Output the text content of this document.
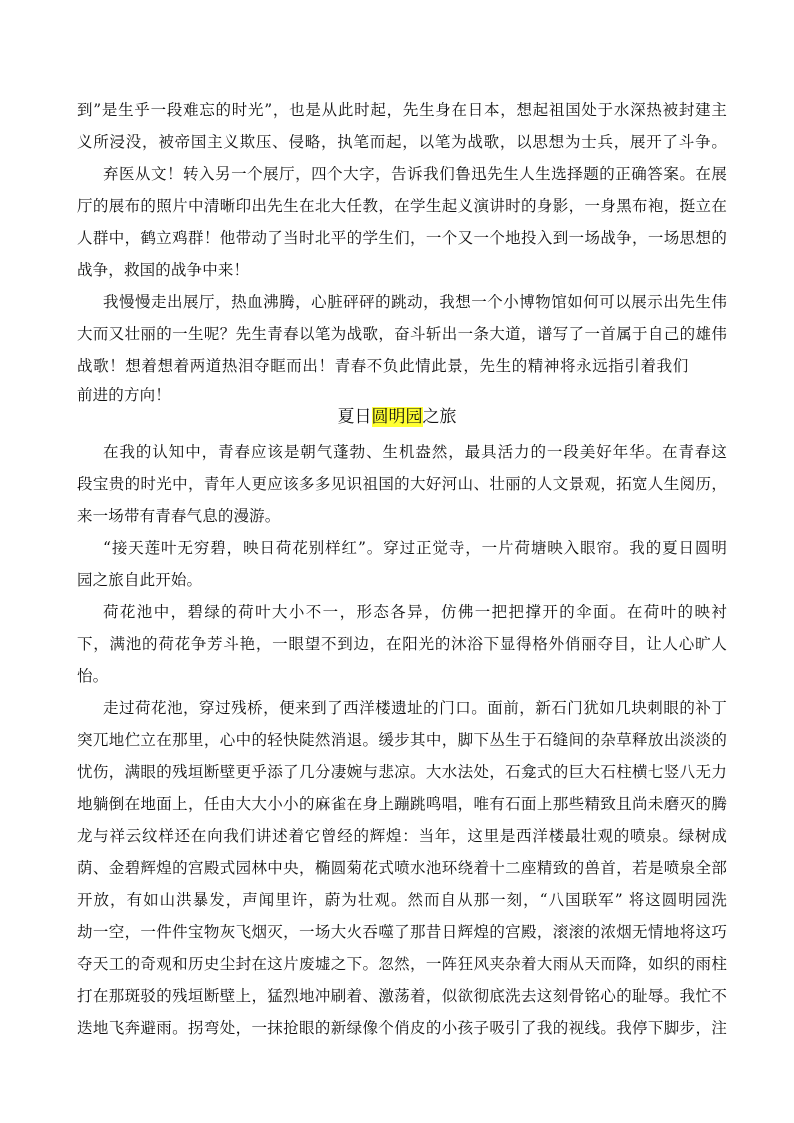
到”是生乎一段难忘的时光”，也是从此时起，先生身在日本，想起祖国处于水深热被封建主
义所浸没，被帝国主义欺压、侵略，执笔而起，以笔为战歌，以思想为士兵，展开了斗争。
弃医从文！转入另一个展厅，四个大字，告诉我们鲁迅先生人生选择题的正确答案。在展
厅的展布的照片中清晰印出先生在北大任教，在学生起义演讲时的身影，一身黑布袍，挺立在
人群中，鹤立鸡群！他带动了当时北平的学生们，一个又一个地投入到一场战争，一场思想的
战争，救国的战争中来！
我慢慢走出展厅，热血沸腾，心脏砰砰的跳动，我想一个小博物馆如何可以展示出先生伟
大而又壮丽的一生呢？先生青春以笔为战歌，奋斗斩出一条大道，谱写了一首属于自己的雄伟
战歌！想着想着两道热泪夺眶而出！青春不负此情此景，先生的精神将永远指引着我们
前进的方向！
夏日圆明园之旅
在我的认知中，青春应该是朝气蓬勃、生机盎然，最具活力的一段美好年华。在青春这
段宝贵的时光中，青年人更应该多多见识祖国的大好河山、壮丽的人文景观，拓宽人生阅历，
来一场带有青春气息的漫游。
“接天莲叶无穷碧，映日荷花别样红”。穿过正觉寺，一片荷塘映入眼帘。我的夏日圆明
园之旅自此开始。
荷花池中，碧绿的荷叶大小不一，形态各异，仿佛一把把撑开的伞面。在荷叶的映衬
下，满池的荷花争芳斗艳，一眼望不到边，在阳光的沐浴下显得格外俏丽夺目，让人心旷人
怡。
走过荷花池，穿过残桥，便来到了西洋楼遗址的门口。面前，新石门犹如几块刺眼的补丁
突兀地伫立在那里，心中的轻快陡然消退。缓步其中，脚下丛生于石缝间的杂草释放出淡淡的
忧伤，满眼的残垣断壁更乎添了几分凄婉与悲凉。大水法处，石龛式的巨大石柱横七竖八无力
地躺倒在地面上，任由大大小小的麻雀在身上蹦跳鸣唱，唯有石面上那些精致且尚未磨灭的腾
龙与祥云纹样还在向我们讲述着它曾经的辉煌：当年，这里是西洋楼最壮观的喷泉。绿树成
荫、金碧辉煌的宫殿式园林中央，椭圆菊花式喷水池环绕着十二座精致的兽首，若是喷泉全部
开放，有如山洪暴发，声闻里许，蔚为壮观。然而自从那一刻，“八国联军” 将这圆明园洗
劫一空，一件件宝物灰飞烟灭，一场大火吞噬了那昔日辉煌的宫殿，滚滚的浓烟无情地将这巧
夺天工的奇观和历史尘封在这片废墟之下。忽然，一阵狂风夹杂着大雨从天而降，如织的雨柱
打在那斑驳的残垣断壁上，猛烈地冲刷着、激荡着，似欲彻底洗去这刻骨铭心的耻辱。我忙不
迭地飞奔避雨。拐弯处，一抹抢眼的新绿像个俏皮的小孩子吸引了我的视线。我停下脚步，注
